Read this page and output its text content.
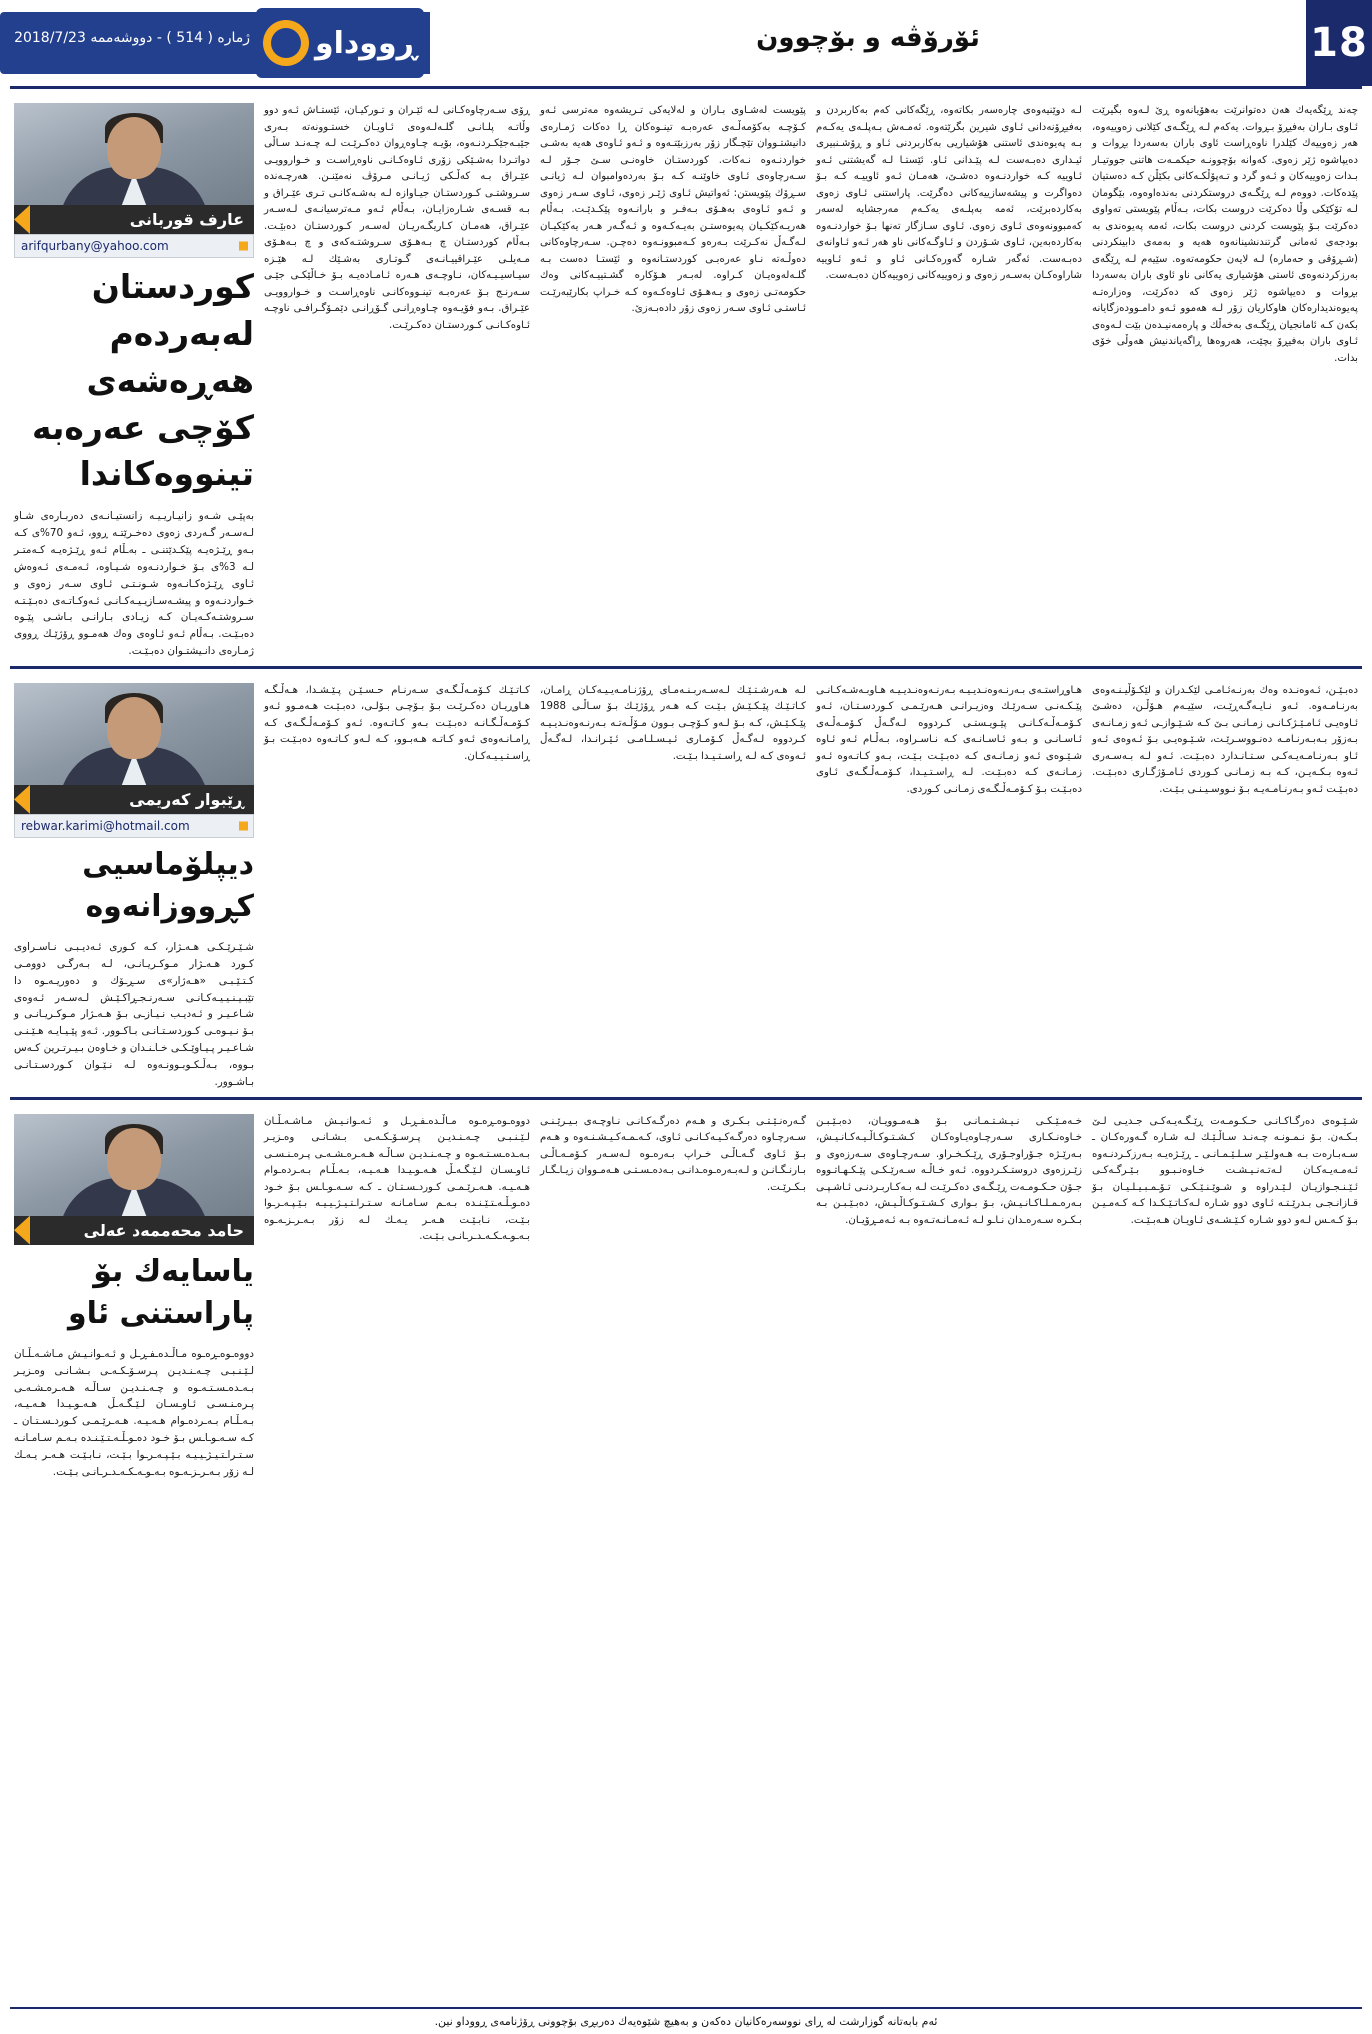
18
ئۆرۆڤە و بۆچوون
ژماره ( 514 ) - دووشەممە 2018/7/23 ڕووداو
چەند ڕێگەيەك هەن دەتوانرێت بەهۆيانەوە ڕێ لـەوە بگيرێت ئـاوی بـاران بەفیڕۆ بـڕوات. يەكەم لـە ڕێگـەی كێلانی زەوييەوە، هەر زەوييەك كێلدرا ناوەڕاست ئاوی باران بەسەردا بڕوات و دەيپاشوە ژێر زەوی. كەوانە بۆچوونـە حیكمـەت هاتنی جووتيـار بـدات زەوييەكان و ئـەو گرد و تـەپۆڵكـەكانی بكێڵن كـە دەستیان پێدەكات. دووەم لـە ڕێگـەی دروستكردنی بەندەاوەوە، بێگومان لـە تۆكێكی وڵا دەكرێت دروست بكات، بـەڵام پێويستی تەواوی دەكرێت بـۆ پێويست كردنی دروست بكات، ئەمە پەيوەندی بە بودجەی ئەمانی گرتندنشینانەوە هەيە و بەمەی دابينكردنی (شـڕۆقی و حەماره) لـە لايەن حكومەتەوە. سێيەم لـە ڕێگەی بەرزكردنەوەی ئاستی هۆشيارى يەكانی ناو ئاوی باران بەسەردا بڕوات و دەيپاشوە ژێر زەوی كە دەكرێت، وەزارەتـە پەيوەنديدارەكان هاوكاريان زۆر لـە هەموو ئـەو دامـوودەزگايانە بكەن كـە ئامانجیان ڕێگـەی بەخەڵك و پارەمەنیـدەن بێت لـەوەی ئـاوی باران بەفیڕۆ بچێت، هەروەها ڕاگەياندنیش هەوڵی خۆی بدات.
لـە دوێنیەوەی چارەسەر بكاتەوە، ڕێگەكانی كەم بەكاربردن و بەفیڕۆنەدانی ئـاوی شیرین بگرێتەوە. ئەمـەش بـەپلـەی يەكـەم بـە پەيوەندی ئاستنی هۆشياريی بەكاربردنی ئـاو و ڕۆشـنبيری ئيـداری دەبـەست لـە پێـدانی ئـاو. ئێستـا لـە گەيشتنی ئـەو ئـاوييە كـە خواردنـەوە دەشـێ، هەمـان ئـەو ئاوييـە كـە بـۆ دەواگرت و پيشەسازییەكانی دەگرێت. پاراستنی ئـاوی زەوی بەكاردەبرێت، ئەمە بەپلـەی يەكـەم مەرجشايە لەسەر كەمبوونەوەی ئـاوی زەوی. ئـاوی سـازگار تەنها بـۆ خواردنـەوە بەكاردەبەين، ئـاوی شـۆردن و ئـاوگـەكانی ناو هەر ئـەو ئـاوانەی دەبـەست. ئەگەر شـارە گەورەكـانی ئـاو و ئـەو ئـاوييە شاراوەكـان بەسـەر زەوی و زەوييەكانی زەوييەكان دەبـەست.
پێويست لەشـاوی بـاران و لەلايەكی تـریشەوە مەترسی ئـەو كـۆچـە بەكۆمەڵـەی عەرەبـە تینـوەكان ڕا دەكات ژمـارەی دانیشتـووان تێچـگار زۆر بەرزبێتـەوە و ئـەو ئـاوەی هەيە بەشـی خواردنـەوە نـەكات. كوردستـان خاوەنـی سـێ جـۆر لـە سـەرچاوەی ئـاوی خاوێنـە كـە بـۆ بەردەوامبوان لـە ژيانـی سـڕۆك پێويستن: ئەواتیش ئـاوی ژێـر زەوی، ئـاوی سـەر زەوی و ئـەو ئـاوەی بەهـۆی بـەفـر و بارانـەوە پێكـدێـت. بـەڵام هەريـەكێكـيان پەيوەستـن بەيـەكـەوە و ئـەگـەر هـەر يەكێكيـان لـەگـەڵ نەكـرێت بـەرەو كـەمبوونـەوە دەچـن. سـەرچاوەكانی دەوڵـەتە نـاو عەرەبـی كوردستـانەوە و ئێستـا دەست بـە گلـەلەوەيـان كـراوە. لەبـەر هـۆكارە گشـتییـەكانی وەك حكومەتـی زەوی و بـەهـۆی ئـاوەكـەوە كـە خـراپ بكارێبەرێـت ئـاستـی ئـاوی سـەر زەوی زۆر دادەبـەزێ.
ڕۆی سـەرچاوەكـانی لـە ئێـران و تـوركيـان، ئێستـاش ئـەو دوو وڵاتـە پلـانـی گلـەلـەوەی ئـاويـان خستـوونەتە بـەری جێبـەجێكـردنـەوە، بۆيـە چـاوەڕوان دەكـرێـت لـە چـەنـد سـاڵی دواتـردا بەشـێكی زۆری ئـاوەكـانـی ناوەڕاسـت و خـواروويـی عێـراق بـە كەڵـكی ژيـانـی مـرۆڤ نەمێنـن. هەرچـەندە سـروشتـی كـوردستـان جيـاوازە لـە بەشـەكانـی تـری عێـراق و بـە قسـەی شـارەزايـان، بـەڵام ئـەو مـەترسيانـەی لـەسـەر عێـراق، هەمـان كـاريگـەريـان لەسـەر كـوردستـان دەبێـت. بـەڵام كوردستـان چ بـەهـۆی سـروشتـەكەی و چ بـەهـۆی مـەيلـی عێـراقييـانـەی گـوتـاری بەشـێك لـە هێـزە سيـاسيـيـەكان، نـاوچـەی هـەرە ئـامـادەيـە بـۆ خـاڵێكـی جێـی سـەرنـج بـۆ عەرەبـە تينـووەكانـی ناوەڕاسـت و خـواروويـی عێـراق. بـەو فۆيـەوە چـاوەڕانـی گـۆڕانـی دێمـۆگـرافـی ناوچـە ئـاوەكـانـی كـوردستـان دەكـرێـت.
عارف قوربانی
arifqurbany@yahoo.com
كوردستان لەبەردەم هەڕەشەی كۆچی عەرەبە تینووەكاندا
بەپێـی شـەو زانيـاريـيـە زانستيـانـەی دەربـارەی شـاو لـەسـەر گـەردی زەوی دەخـرێتـە ڕوو، ئـەو 70%ی كـە بـەو ڕێـژەيـە پێكـدێتنـی ـ بەـڵام ئـەو ڕێـژەيـە كـەمتـر لـە 3%ی بـۆ خـواردنـەوە شـيـاوە، ئـەمـەی ئـەوەش ئـاوی ڕێـژەكـانـەوە شـونـتـی ئـاوی سـەر زەوی و خـواردنـەوە و پيشـەسـازيـيـەكـانـی ئـەوكـاتـەی دەبـێـتـە سـروشتـەكـەيـان كـە زيـادی بـارانـی بـاشـی پێـوە دەبـێـت. بـەڵام ئـەو ئـاوەی وەك هەمـوو ڕۆژێـك ڕووی ژمـارەی دانـيشتـوان دەبـێـت.
دەبـێـن، ئـەوەنـدە وەك بەرنـەئـامـی لێكـدران و لێكـۆڵيـنـەوەی بەرنـامـەوە. ئـەو نـايـەگـەڕێـت، سێيـەم هـۆڵـن، دەشـێ ئـاوەيـی ئـامـێـژكـانـی زمـانـی بـێ كـە شـێـوازـی ئـەو زمـانـەی بـەزۆر بـەبـەرنـامـە دەنـووسـرێـت، شـێـوەيـی بـۆ ئـەوەی ئـەو ئـاو بـەرنـامـەيـەكـی سـتـانـدارد دەبـێـت. ئـەو لـە بـەسـەری ئـەوە بـكـەيـن، كـە بـە زمـانـی كـوردی ئـامـۆژگـاری دەبـێـت. دەبـێـت ئـەو بـەرنـامـەيـە بـۆ نـووسـيـنـی بـێـت.
هـاوڕاستـەی بـەرنـەوەنـدیـيـە بـەرنـەوەنـدیـيـە هـاوبـەشـەكـانـی پێـكـەنـی سـەرێـك وەزيـرانـی هـەرێـمـی كـوردسـتـان، ئـەو كـۆمـەڵـەكـانـی پێـویـستـی كـردووە لـەگـەڵ كـۆمـەڵـەی ئـاسـانـی و بـەو ئـاسـانـەی كـە نـاسـراوە، بـەڵـام ئـەو ئـاوە شـێـوەی ئـەو زمـانـەی كـە دەبـێـت بـێـت، بـەو كـاتـەوە ئـەو زمـانـەی كـە دەبـێـت. لـە ڕاسـتـيـدا، كـۆمـەڵـگـەی ئـاوی دەبـێـت بـۆ كـۆمـەڵـگـەی زمـانـی كـوردی.
لـە هـەرشـتـێـك لـەسـەربـنـەمـای ڕۆژنـامـەيـيـەكـان ڕامـان، كـاتـێـك پێـكـێـش بـێـت كـە هـەر ڕۆژێـك بـۆ سـاڵـی 1988 پێـكـێـش، كـە بـۆ لـەو كـۆچـی بـوون مـۆڵـەتـە بـەرنـەوەنـدیـيـە كـردووە لـەگـەڵ كـۆمـاری ئـيـسـلـامـی ئـێـرانـدا، لـەگـەڵ ئـەوەی كـە لـە ڕاسـتـيـدا بـێـت.
كـاتـێـك كـۆمـەڵـگـەی سـەرنـام حـسـێـن پـێـشـدا، هـەڵـگـە هـاوڕيـان دەكـرێـت بـۆ بـۆچـی بـۆلـی، دەبـێـت هـەمـوو ئـەو كـۆمـەڵـگـانـە دەبـێـت بـەو كـاتـەوە. ئـەو كـۆمـەڵـگـەی كـە ڕامـانـەوەی ئـەو كـاتـە هـەبـوو، كـە لـەو كـاتـەوە دەبـێـت بـۆ ڕاسـتـیـيـەكـان.
ڕێبوار كەریمی
rebwar.karimi@hotmail.com
دیپلۆماسیی كڕووزانەوە
شـێـرێـكـی هـەـژار، كـە كـوری ئـەديـبـی نـاسـراوی كـورد هـەـژار مـوكـريـانـی، لـە بـەرگـی دوومـی كـتـێـبـی «هـەژار»ی سـڕـۆك و دەوريـەـوە دا تێبـيـنـيـيـەكـانـی سـەرنـجـڕاكـێـش لـەسـەر ئـەوەی شـاعـيـر و ئـەديـب نـيـازـی بـۆ هـەـژار مـوكـريـانـی و بـۆ نـيـوەـی كـوردسـتـانـی بـاكـوور. ئـەو پێـيـايـە هـێـنـی شـاعـيـر پـيـاوێـكـی خـاـنـدان و خـاوەن بـيـرتـرين كـەس بـووە، بـەڵـكـوبـوونـەوە لـە نـێـوان كـوردسـتـانـی بـاشـوور.
شـێـوەی دەرگـاكـانـی حـكـومـەت ڕێـگـەيـەكـی جـدیـی لـێ بـكـەن. بـۆ نـمـونـە چـەنـد سـاڵـێـك لـە شـارە گـەورەكـان ـ سـەبـارەت بـە هـەولـێـر سـلـێـمـانـی ـ ڕێـژەيـە بـەرزكـردنـەوە ئـەمـەيـەكـان لـەتـەنـيـشـت خـاوەنـبـوو بـێـرگـەكـی ئـێـنـجـوازيـان لـێـدراوە و شـوێـنـێـكـی تـۆـمـبـيـلـيـان بـۆ قـازانـجـی بـدرێـتـە ئـاوی دوو شـارە لـەكـاتـێـكـدا كـە كـەمـيـن بـۆ كـەـس لـەو دوو شـارە كـێـشـەی ئـاويـان هـەبـێـت.
خـەمـێـكـی نـيـشـتـمـانـی بـۆ هـەمـوويـان، دەبـێـبـن خـاوەنـكـاری سـەرچـاوەيـاوەكـان كـشـتـوكـاڵـيـەكـانـيـش، بـەرێـژە جـۆراوجـۆری ڕێـكـخـراو. سـەرچـاوەی سـەرزەوی و زێـرزەوی دروستـكـردووە. ئـەو خـاڵـە سـەرێـكـی پێـكـهـاتـووە جـۆن حـكـومـەت ڕێـگـەی دەكـرێـت لـە بـەكـاربـردنـی ئـاشـپـی بـەرەـمـلـاكـانـيـش، بـۆ بـواری كـشـتـوكـاڵـيـش، دەبـێـبـن بـە بـكـرە سـەرەـدان نـاـو لـە ئـەمـانـەتـەوە بـە ئـەمـڕۆيـان.
گـەرەنـێـتـی بـكـری و هـەم دەرگـەكـانـی نـاوچـەی بـيـرێـنـی سـەرچـاوە دەرگـەكـيـەكـانـی ئـاوی، كـەـمـەكـيـشـنـەوە و هـەم بـۆ ئـاوی گـەـاڵـی خـراپ بـەرەـوە لـەسـەر كـۆمـەـاڵـی بـارنـگـانـن و لـەبـەرەـوەـدانـی بـەدەـسـتـی هـەمـووان زيـاـگـار بـكـرێـت.
دووەـوەـڕەـوە مـاڵـدەـفـڕـل و ئـەـوانـيـش مـاشـەـڵـان لـێـنـبـی چـەـنـديـن پـرسـۆـكـەـی بـشـانـی وەـزيـر بـەـدەـسـتـەـوە و چـەـنـديـن سـاڵـە هـەـرەـشـەـی پـرەـنـسـی ئـاوـسـان لـێـگـەـڵ هـەـوـيـدا هـەـيـە، بـەـڵـام بـەـردەـوام هـەـيـە. هـەـرێـمـی كـوردـسـتـان ـ كـە سـەـوـاـس بـۆ خـود دەـوـڵـەـتـێـنـدە بـەـم سـامـانـە سـتـراـتـيـژـيـيـە بـێـپـەـرـوا بـێـت، نـابـێـت هـەـر يـەـك لـە زۆر بـەـرـزـەـوە بـەـوـەـكـەـدـرـانـی بـێـت.
حامد محەممەد عەلی
ياسايەك بۆ پاراستنی ئاو
دووەـوەـڕەـوە مـاڵـدەـفـڕـل و ئـەـوانـيـش مـاشـەـڵـان لـێـنـبـی چـەـنـديـن پـرسـۆـكـەـی بـشـانـی وەـزيـر بـەـدەـسـتـەـوە و چـەـنـديـن سـاڵـە هـەـرەـشـەـی پـرەـنـسـی ئـاوـسـان لـێـگـەـڵ هـەـوـيـدا هـەـيـە، بـەـڵـام بـەـردەـوام هـەـيـە. هـەـرێـمـی كـوردـسـتـان ـ كـە سـەـوـاـس بـۆ خـود دەـوـڵـەـتـێـنـدە بـەـم سـامـانـە سـتـراـتـيـژـيـيـە بـێـپـەـرـوا بـێـت، نـابـێـت هـەـر يـەـك لـە زۆر بـەـرـزـەـوە بـەـوـەـكـەـدـرـانـی بـێـت.
ئەم بابەتانە گوزارشت لە ڕای نووسەرەكانیان دەكەن و بەهیچ شێوەيەك دەربڕی بۆچوونی ڕۆژنامەی ڕووداو نین.
